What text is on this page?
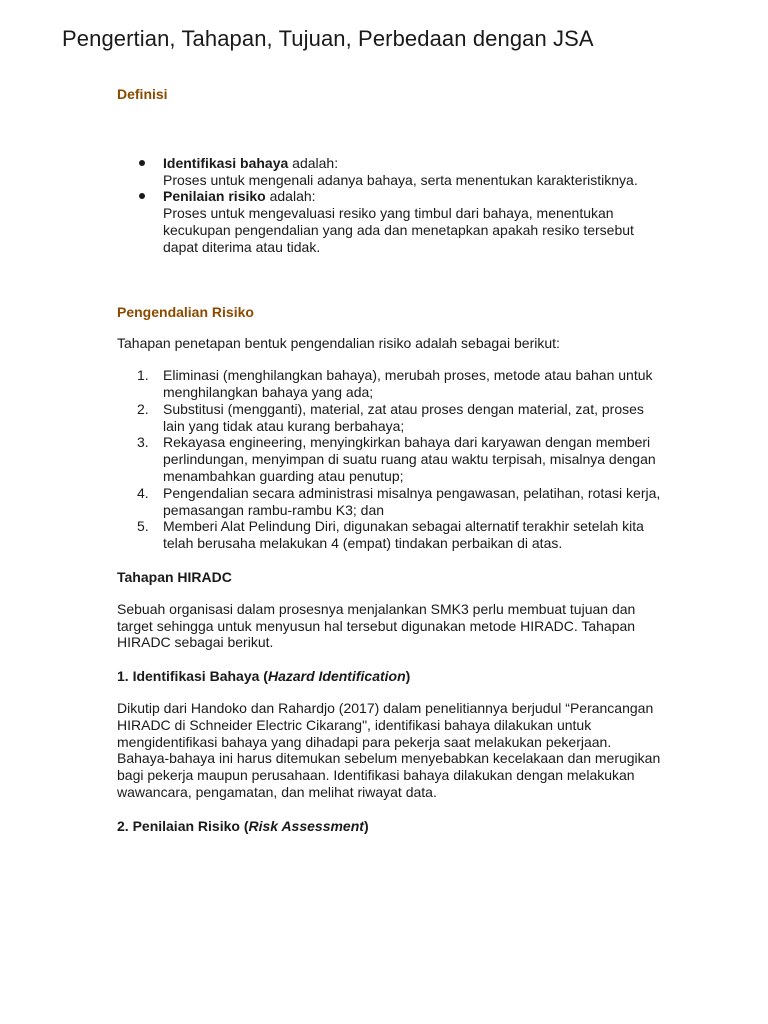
Pengertian, Tahapan, Tujuan, Perbedaan dengan JSA

Definisi

Identifikasi bahaya adalah:
Proses untuk mengenali adanya bahaya, serta menentukan karakteristiknya.
Penilaian risiko adalah:
Proses untuk mengevaluasi resiko yang timbul dari bahaya, menentukan kecukupan pengendalian yang ada dan menetapkan apakah resiko tersebut dapat diterima atau tidak.

Pengendalian Risiko

Tahapan penetapan bentuk pengendalian risiko adalah sebagai berikut:

1. Eliminasi (menghilangkan bahaya), merubah proses, metode atau bahan untuk menghilangkan bahaya yang ada;
2. Substitusi (mengganti), material, zat atau proses dengan material, zat, proses lain yang tidak atau kurang berbahaya;
3. Rekayasa engineering, menyingkirkan bahaya dari karyawan dengan memberi perlindungan, menyimpan di suatu ruang atau waktu terpisah, misalnya dengan menambahkan guarding atau penutup;
4. Pengendalian secara administrasi misalnya pengawasan, pelatihan, rotasi kerja, pemasangan rambu-rambu K3; dan
5. Memberi Alat Pelindung Diri, digunakan sebagai alternatif terakhir setelah kita telah berusaha melakukan 4 (empat) tindakan perbaikan di atas.

Tahapan HIRADC

Sebuah organisasi dalam prosesnya menjalankan SMK3 perlu membuat tujuan dan target sehingga untuk menyusun hal tersebut digunakan metode HIRADC. Tahapan HIRADC sebagai berikut.

1. Identifikasi Bahaya (Hazard Identification)

Dikutip dari Handoko dan Rahardjo (2017) dalam penelitiannya berjudul “Perancangan HIRADC di Schneider Electric Cikarang", identifikasi bahaya dilakukan untuk mengidentifikasi bahaya yang dihadapi para pekerja saat melakukan pekerjaan. Bahaya-bahaya ini harus ditemukan sebelum menyebabkan kecelakaan dan merugikan bagi pekerja maupun perusahaan. Identifikasi bahaya dilakukan dengan melakukan wawancara, pengamatan, dan melihat riwayat data.

2. Penilaian Risiko (Risk Assessment)
